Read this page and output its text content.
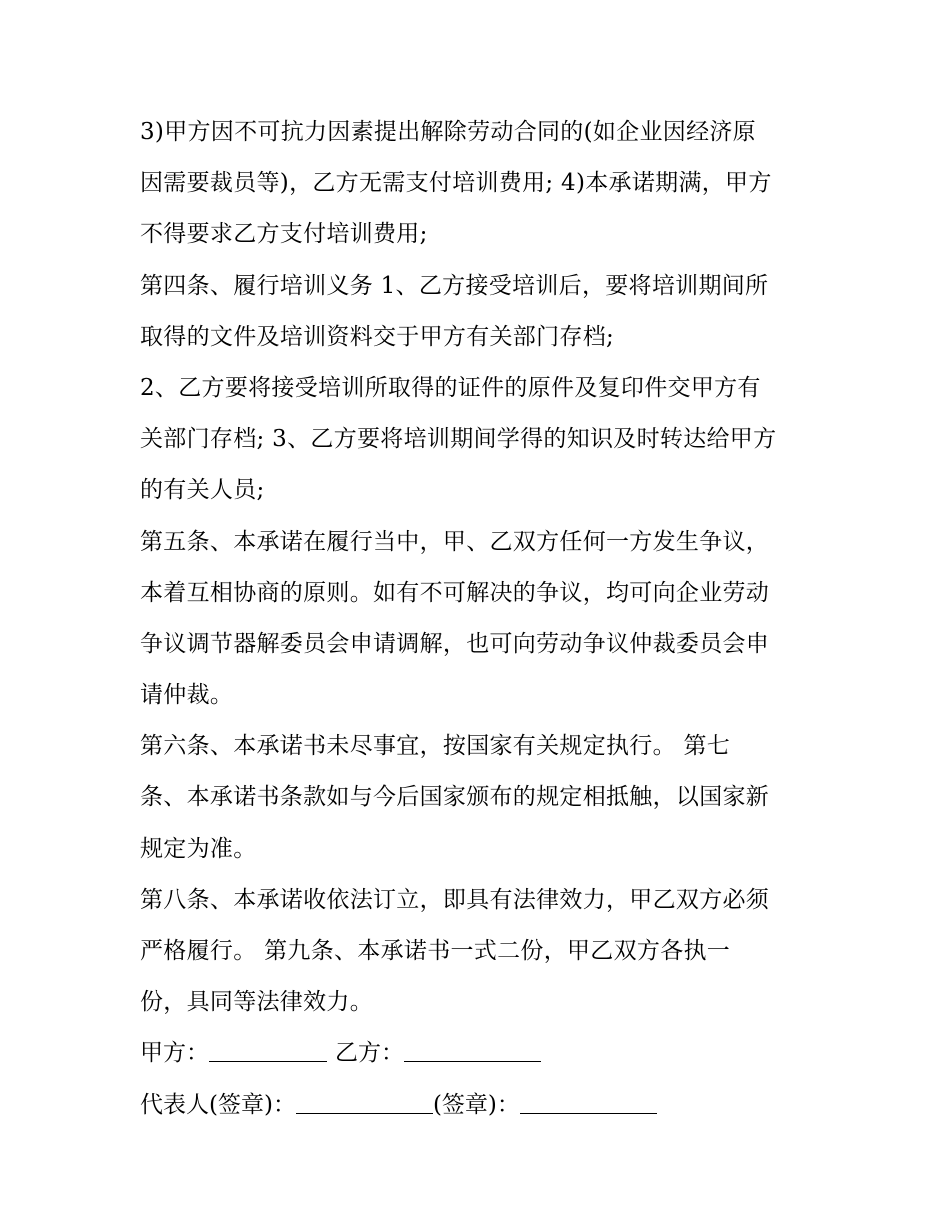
3)甲方因不可抗力因素提出解除劳动合同的(如企业因经济原
因需要裁员等)，乙方无需支付培训费用; 4)本承诺期满，甲方
不得要求乙方支付培训费用;
第四条、履行培训义务 1、乙方接受培训后，要将培训期间所
取得的文件及培训资料交于甲方有关部门存档;
2、乙方要将接受培训所取得的证件的原件及复印件交甲方有
关部门存档; 3、乙方要将培训期间学得的知识及时转达给甲方
的有关人员;
第五条、本承诺在履行当中，甲、乙双方任何一方发生争议，
本着互相协商的原则。如有不可解决的争议，均可向企业劳动
争议调节器解委员会申请调解，也可向劳动争议仲裁委员会申
请仲裁。
第六条、本承诺书未尽事宜，按国家有关规定执行。 第七
条、本承诺书条款如与今后国家颁布的规定相抵触，以国家新
规定为准。
第八条、本承诺收依法订立，即具有法律效力，甲乙双方必须
严格履行。 第九条、本承诺书一式二份，甲乙双方各执一
份，具同等法律效力。
甲方：	乙方：
代表人(签章)：	(签章)：
